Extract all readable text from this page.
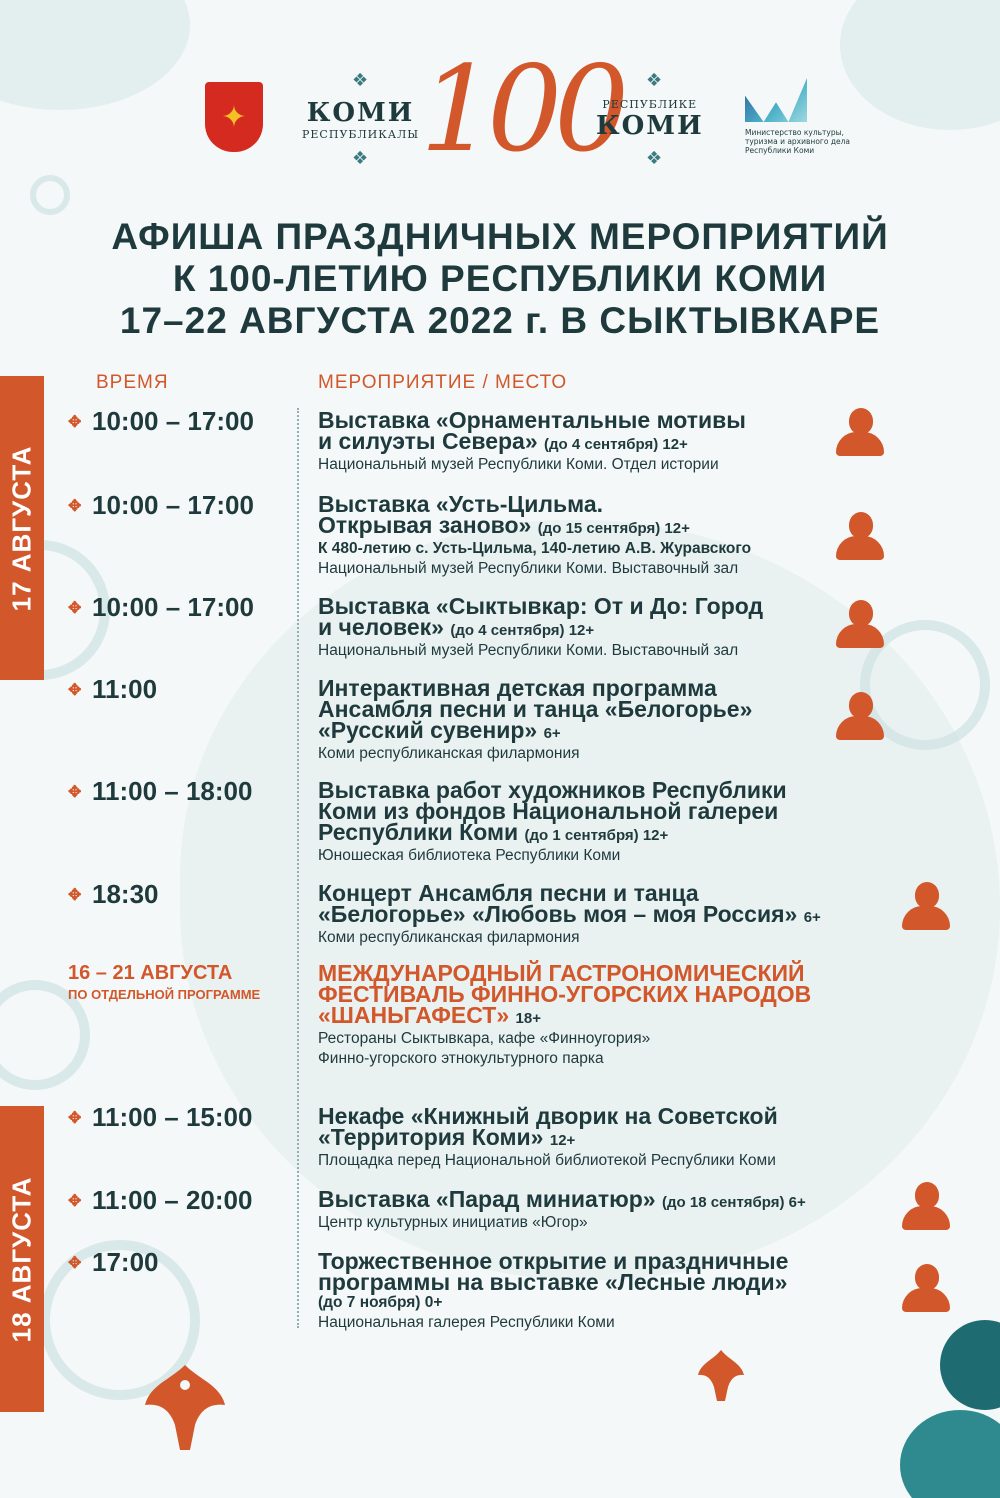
✦
❖
❖
❖
❖
КОМИ
РЕСПУБЛИКАЛЫ 100
РЕСПУБЛИКЕ
КОМИ	Министерство культуры, туризма и архивного дела Республики Коми
АФИША ПРАЗДНИЧНЫХ МЕРОПРИЯТИЙ
К 100-ЛЕТИЮ РЕСПУБЛИКИ КОМИ
17–22 АВГУСТА 2022 г. В СЫКТЫВКАРЕ
ВРЕМЯ	МЕРОПРИЯТИЕ / МЕСТО
17 АВГУСТА
18 АВГУСТА
✥ 10:00 – 17:00	Выставка «Орнаментальные мотивы
и силуэты Севера» (до 4 сентября) 12+
Национальный музей Республики Коми. Отдел истории
✥ 10:00 – 17:00	Выставка «Усть-Цильма.
Открывая заново» (до 15 сентября) 12+
К 480-летию с. Усть-Цильма, 140-летию А.В. Журавского
Национальный музей Республики Коми. Выставочный зал
✥ 10:00 – 17:00	Выставка «Сыктывкар: От и До: Город
и человек» (до 4 сентября) 12+
Национальный музей Республики Коми. Выставочный зал
✥ 11:00	Интерактивная детская программа
Ансамбля песни и танца «Белогорье»
«Русский сувенир» 6+
Коми республиканская филармония
✥ 11:00 – 18:00	Выставка работ художников Республики
Коми из фондов Национальной галереи
Республики Коми (до 1 сентября) 12+
Юношеская библиотека Республики Коми
✥ 18:30	Концерт Ансамбля песни и танца
«Белогорье» «Любовь моя – моя Россия» 6+
Коми республиканская филармония
16 – 21 АВГУСТА
ПО ОТДЕЛЬНОЙ ПРОГРАММЕ
МЕЖДУНАРОДНЫЙ ГАСТРОНОМИЧЕСКИЙ
ФЕСТИВАЛЬ ФИННО-УГОРСКИХ НАРОДОВ
«ШАНЬГАФЕСТ» 18+
Рестораны Сыктывкара, кафе «Финноугория»
Финно-угорского этнокультурного парка
✥ 11:00 – 15:00	Некафе «Книжный дворик на Советской
«Территория Коми» 12+
Площадка перед Национальной библиотекой Республики Коми
✥ 11:00 – 20:00	Выставка «Парад миниатюр» (до 18 сентября) 6+
Центр культурных инициатив «Югор»
✥ 17:00	Торжественное открытие и праздничные
программы на выставке «Лесные люди»
(до 7 ноября) 0+
Национальная галерея Республики Коми
